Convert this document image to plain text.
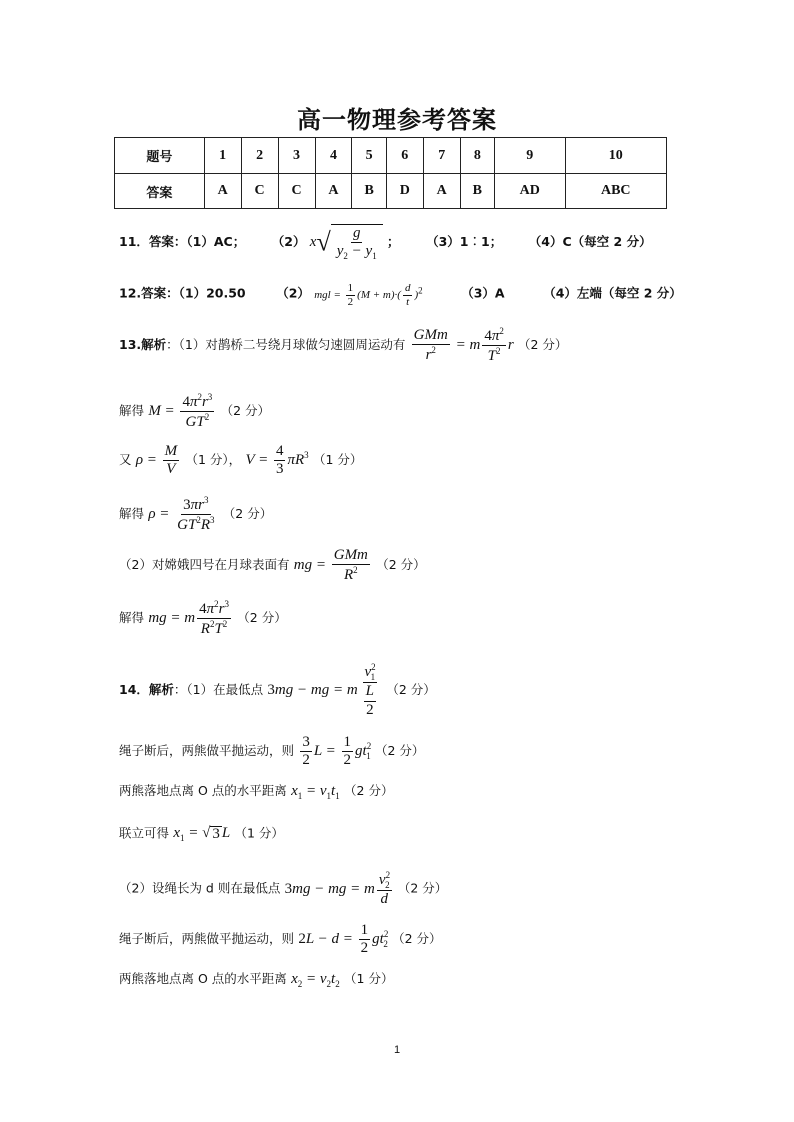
高一物理参考答案
题号	1	2	3	4	5	6	7	8	9	10
答案	A	C	C	A	B	D	A	B	AD	ABC
11．答案：（1）AC； （2） $x√ \frac{g}{y_2 - y_1}$ ； （3）1︰1； （4）C（每空 2 分）
12.答案：（1）20.50 （2） mgl = $\frac{1}{2} (M + m)\cdot( \frac{d}{t} )^2$	（3）A	（4）左端（每空 2 分）
13.解析：（1）对鹊桥二号绕月球做匀速圆周运动有 $\frac{\text{GMm}}{r^2} = m \frac{4\pi^2}{T^2}$ r （2 分）
解得 $M = \frac{4\pi^2r^3}{GT^2} (2$ 分）
又 $\rho = \frac{M}{V} (1$ 分）， $V = \frac{4}{3} \pi R^3$ （1 分）
解得 $\rho = \frac{3\pi r^3}{GT^2R^3} (2$ 分）
（2）对嫦娥四号在月球表面有 mg = $\frac{\text{GMm}}{R^2} (2$ 分）
解得 mg = m $\frac{4\pi^2r^3}{R^2T^2} (2$ 分）
14．解析：（1）在最低点 3mg − mg = m $\frac{v^2_1}{\frac{L}{2}} (2$ 分）
绳子断后，两熊做平抛运动，则 $\frac{3}{2}$ $L = \frac{1}{2} gt^2_1$ （2 分）
两熊落地点离 O 点的水平距离 $x_1 = v_1t_1$ （2 分）
联立可得 $x_1$ = √ 3 L （1 分）
（2）设绳长为 d 则在最低点 3mg − mg = m $\frac{v^2_2}{d} (2$ 分）
绳子断后，两熊做平抛运动，则 $2L - d = \frac{1}{2} gt^2_2$ （2 分）
两熊落地点离 O 点的水平距离 $x_2 = v_2t_2$ （1 分）
1
